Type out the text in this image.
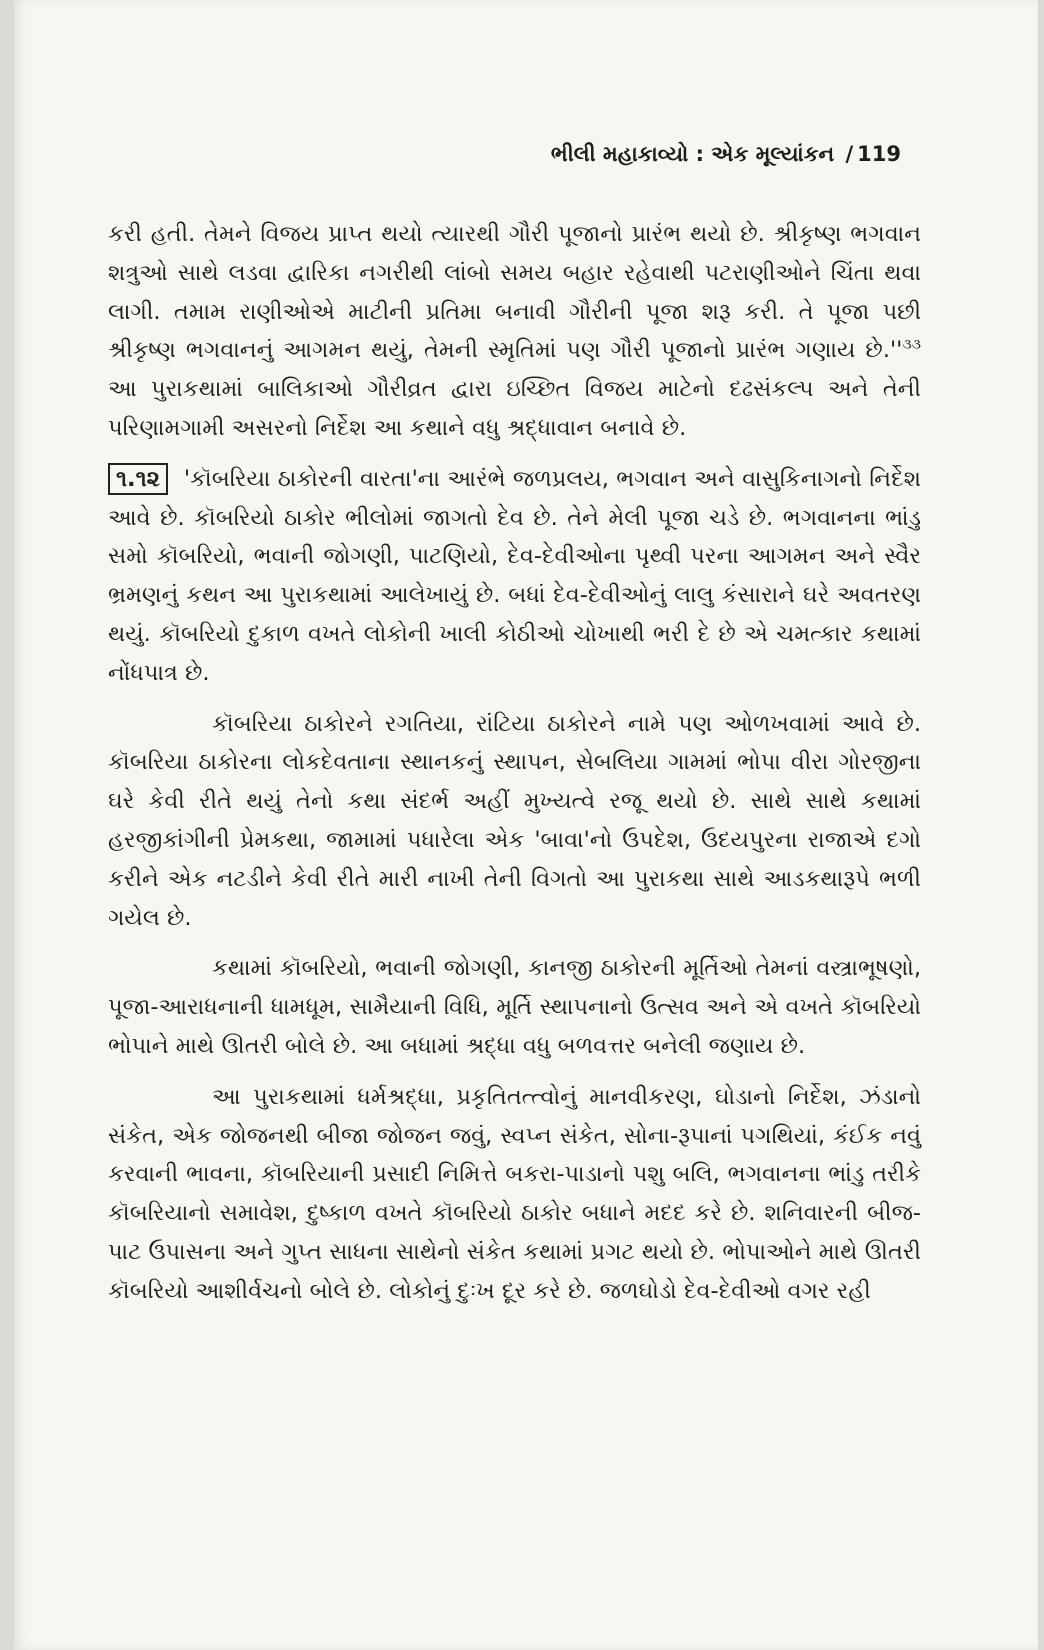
ભીલી મહાકાવ્યો : એક મૂલ્યાંકન / 119

કરી હતી. તેમને વિજય પ્રાપ્ત થયો ત્યારથી ગૌરી પૂજાનો પ્રારંભ થયો છે. શ્રીકૃષ્ણ ભગવાન શત્રુઓ સાથે લડવા દ્વારિકા નગરીથી લાંબો સમય બહાર રહેવાથી પટરાણીઓને ચિંતા થવા લાગી. તમામ રાણીઓએ માટીની પ્રતિમા બનાવી ગૌરીની પૂજા શરૂ કરી. તે પૂજા પછી શ્રીકૃષ્ણ ભગવાનનું આગમન થયું, તેમની સ્મૃતિમાં પણ ગૌરી પૂજાનો પ્રારંભ ગણાય $છે.''^{૩૩}$ આ પુરાકથામાં બાલિકાઓ ગૌરીવ્રત દ્વારા ઇચ્છિત વિજય માટેનો દઢસંકલ્પ અને તેની પરિણામગામી અસરનો નિર્દેશ આ કથાને વધુ શ્રદ્ધાવાન બનાવે છે.

૧.૧૨ 'કૉબરિયા ઠાકોરની વારતા'ના આરંભે જળપ્રલય, ભગવાન અને વાસુકિનાગનો નિર્દેશ આવે છે. કૉબરિયો ઠાકોર ભીલોમાં જાગતો દેવ છે. તેને મેલી પૂજા ચડે છે. ભગવાનના ભાંડુ સમો કૉબરિયો, ભવાની જોગણી, પાટણિયો, દેવ-દેવીઓના પૃથ્વી પરના આગમન અને સ્વૈર ભ્રમણનું કથન આ પુરાકથામાં આલેખાયું છે. બધાં દેવ-દેવીઓનું લાલુ કંસારાને ઘરે અવતરણ થયું. કૉબરિયો દુકાળ વખતે લોકોની ખાલી કોઠીઓ ચોખાથી ભરી દે છે એ ચમત્કાર કથામાં નોંધપાત્ર છે.

કૉબરિયા ઠાકોરને રગતિયા, રાંટિયા ઠાકોરને નામે પણ ઓળખવામાં આવે છે. કૉબરિયા ઠાકોરના લોકદેવતાના સ્થાનકનું સ્થાપન, સેબલિયા ગામમાં ભોપા વીરા ગોરજીના ઘરે કેવી રીતે થયું તેનો કથા સંદર્ભ અહીં મુખ્યત્વે રજૂ થયો છે. સાથે સાથે કથામાં હરજીકાંગીની પ્રેમકથા, જામામાં પધારેલા એક 'બાવા'નો ઉપદેશ, ઉદયપુરના રાજાએ દગો કરીને એક નટડીને કેવી રીતે મારી નાખી તેની વિગતો આ પુરાકથા સાથે આડકથારૂપે ભળી ગયેલ છે.

કથામાં કૉબરિયો, ભવાની જોગણી, કાનજી ઠાકોરની મૂર્તિઓ તેમનાં વસ્ત્રાભૂષણો, પૂજા-આરાધનાની ધામધૂમ, સામૈયાની વિધિ, મૂર્તિ સ્થાપનાનો ઉત્સવ અને એ વખતે કૉબરિયો ભોપાને માથે ઊતરી બોલે છે. આ બધામાં શ્રદ્ધા વધુ બળવત્તર બનેલી જણાય છે.

આ પુરાકથામાં ધર્મશ્રદ્ધા, પ્રકૃતિતત્ત્વોનું માનવીકરણ, ઘોડાનો નિર્દેશ, ઝંડાનો સંકેત, એક જોજનથી બીજા જોજન જવું, સ્વપ્ન સંકેત, સોના-રૂપાનાં પગથિયાં, કંઈક નવું કરવાની ભાવના, કૉબરિયાની પ્રસાદી નિમિત્તે બકરા-પાડાનો પશુ બલિ, ભગવાનના ભાંડુ તરીકે કૉબરિયાનો સમાવેશ, દુષ્કાળ વખતે કૉબરિયો ઠાકોર બધાને મદદ કરે છે. શનિવારની બીજ-પાટ ઉપાસના અને ગુપ્ત સાધના સાથેનો સંકેત કથામાં પ્રગટ થયો છે. ભોપાઓને માથે ઊતરી કૉબરિયો આશીર્વચનો બોલે છે. લોકોનું દુઃખ દૂર કરે છે. જળઘોડો દેવ-દેવીઓ વગર રહી
